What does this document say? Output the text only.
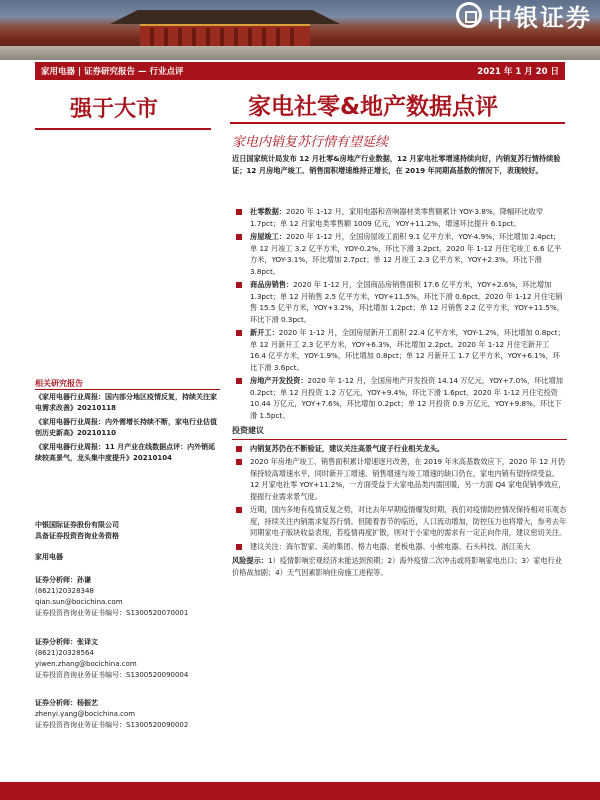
中银证券
家用电器 | 证券研究报告 — 行业点评	2021 年 1 月 20 日
强于大市	家电社零&地产数据点评
家电内销复苏行情有望延续
近日国家统计局发布 12 月社零&房地产行业数据，12 月家电社零增速持续向好，内销复苏行情持续验证；12 月房地产竣工、销售面积增速维持正增长，在 2019 年同期高基数的情况下，表现较好。
社零数据：2020 年 1-12 月，家用电器和音响器材类零售额累计 YOY-3.8%，降幅环比收窄 1.7pct；单 12 月家电类零售额 1009 亿元，YOY+11.2%，增速环比提升 6.1pct。
房屋竣工：2020 年 1-12 月，全国房屋竣工面积 9.1 亿平方米，YOY-4.9%，环比增加 2.4pct；单 12 月竣工 3.2 亿平方米，YOY-0.2%，环比下滑 3.2pct。2020 年 1-12 月住宅竣工 6.6 亿平方米，YOY-3.1%，环比增加 2.7pct；单 12 月竣工 2.3 亿平方米，YOY+2.3%，环比下滑 3.8pct。
商品房销售：2020 年 1-12 月，全国商品房销售面积 17.6 亿平方米，YOY+2.6%，环比增加 1.3pct；单 12 月销售 2.5 亿平方米，YOY+11.5%，环比下滑 0.6pct。2020 年 1-12 月住宅销售 15.5 亿平方米，YOY+3.2%，环比增加 1.2pct；单 12 月销售 2.2 亿平方米，YOY+11.5%，环比下滑 0.3pct。
新开工：2020 年 1-12 月，全国房屋新开工面积 22.4 亿平方米，YOY-1.2%，环比增加 0.8pct；单 12 月新开工 2.3 亿平方米，YOY+6.3%，环比增加 2.2pct。2020 年 1-12 月住宅新开工 16.4 亿平方米，YOY-1.9%，环比增加 0.8pct；单 12 月新开工 1.7 亿平方米，YOY+6.1%，环比下滑 3.6pct。
房地产开发投资：2020 年 1-12 月，全国房地产开发投资 14.14 万亿元，YOY+7.0%，环比增加 0.2pct；单 12 月投资 1.2 万亿元，YOY+9.4%，环比下滑 1.6pct。2020 年 1-12 月住宅投资 10.44 万亿元，YOY+7.6%，环比增加 0.2pct；单 12 月投资 0.9 万亿元，YOY+9.8%，环比下滑 1.5pct。
投资建议
内销复苏仍在不断验证，建议关注高景气度子行业相关龙头。
2020 年房地产竣工、销售面积累计增速逐月改善，在 2019 年末高基数效应下，2020 年 12 月仍保持较高增速水平，同时新开工增速、销售增速与竣工增速的缺口仍在，家电内销有望持续受益。12 月家电社零 YOY+11.2%，一方面受益于大家电品类内需回暖，另一方面 Q4 家电促销季效应，提振行业需求景气度。
近期，国内多地有疫情反复之势，对比去年早期疫情爆发时期，我们对疫情防控情况保持相对乐观态度，持续关注内销需求复苏行情。但随着春节的临近，人口流动增加，防控压力也将增大，参考去年同期家电子版块收益表现，若疫情再度扩散，则对于小家电的需求有一定正向作用，建议密切关注。
建议关注：海尔智家、美的集团、格力电器、老板电器、小熊电器、石头科技、浙江美大
风险提示：1）疫情影响宏观经济未能达到预期；2）海外疫情二次冲击或将影响家电出口；3）家电行业价格战加剧；4）天气因素影响住房施工进程等。
相关研究报告
《家用电器行业周报：国内部分地区疫情反复，持续关注家电需求改善》20210118
《家用电器行业周报：内外需增长持续不断，家电行业估值创历史新高》20210110
《家用电器行业周报：11 月产业在线数据点评：内外销延续较高景气，龙头集中度提升》20210104
中银国际证券股份有限公司
具备证券投资咨询业务资格
家用电器
证券分析师：孙谦
(8621)20328348
qian.sun@bocichina.com
证券投资咨询业务证书编号：S1300520070001
证券分析师：张译文
(8621)20328564
yiwen.zhang@bocichina.com
证券投资咨询业务证书编号：S1300520090004
证券分析师：杨振艺
zhenyi.yang@bocichina.com
证券投资咨询业务证书编号：S1300520090002
